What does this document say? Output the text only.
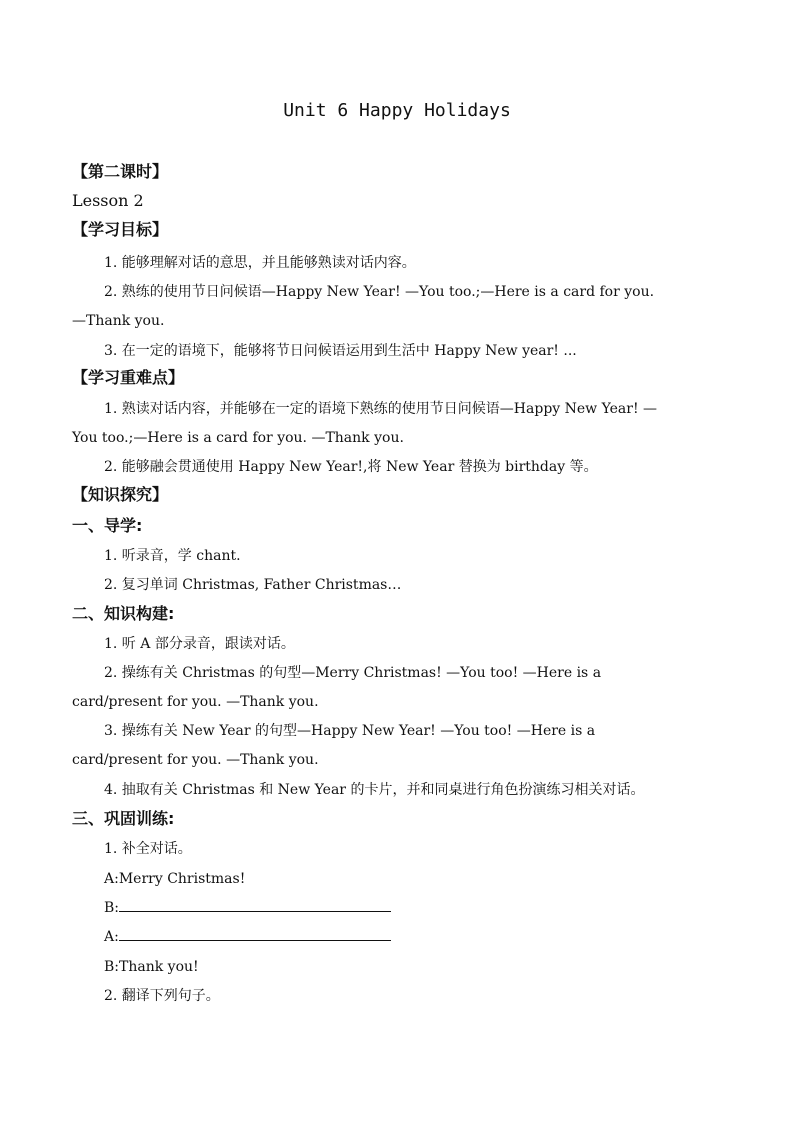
Unit 6 Happy Holidays
【第二课时】
Lesson 2
【学习目标】
1. 能够理解对话的意思，并且能够熟读对话内容。
2. 熟练的使用节日问候语—Happy New Year! —You too.;—Here is a card for you.
—Thank you.
3. 在一定的语境下，能够将节日问候语运用到生活中 Happy New year! ...
【学习重难点】
1. 熟读对话内容，并能够在一定的语境下熟练的使用节日问候语—Happy New Year! —
You too.;—Here is a card for you. —Thank you.
2. 能够融会贯通使用 Happy New Year!,将 New Year 替换为 birthday 等。
【知识探究】
一、导学:
1. 听录音，学 chant.
2. 复习单词 Christmas, Father Christmas…
二、知识构建:
1. 听 A 部分录音，跟读对话。
2. 操练有关 Christmas 的句型—Merry Christmas! —You too! —Here is a
card/present for you. —Thank you.
3. 操练有关 New Year 的句型—Happy New Year! —You too! —Here is a
card/present for you. —Thank you.
4. 抽取有关 Christmas 和 New Year 的卡片，并和同桌进行角色扮演练习相关对话。
三、巩固训练:
1. 补全对话。
A:Merry Christmas!
B:
A:
B:Thank you!
2. 翻译下列句子。
